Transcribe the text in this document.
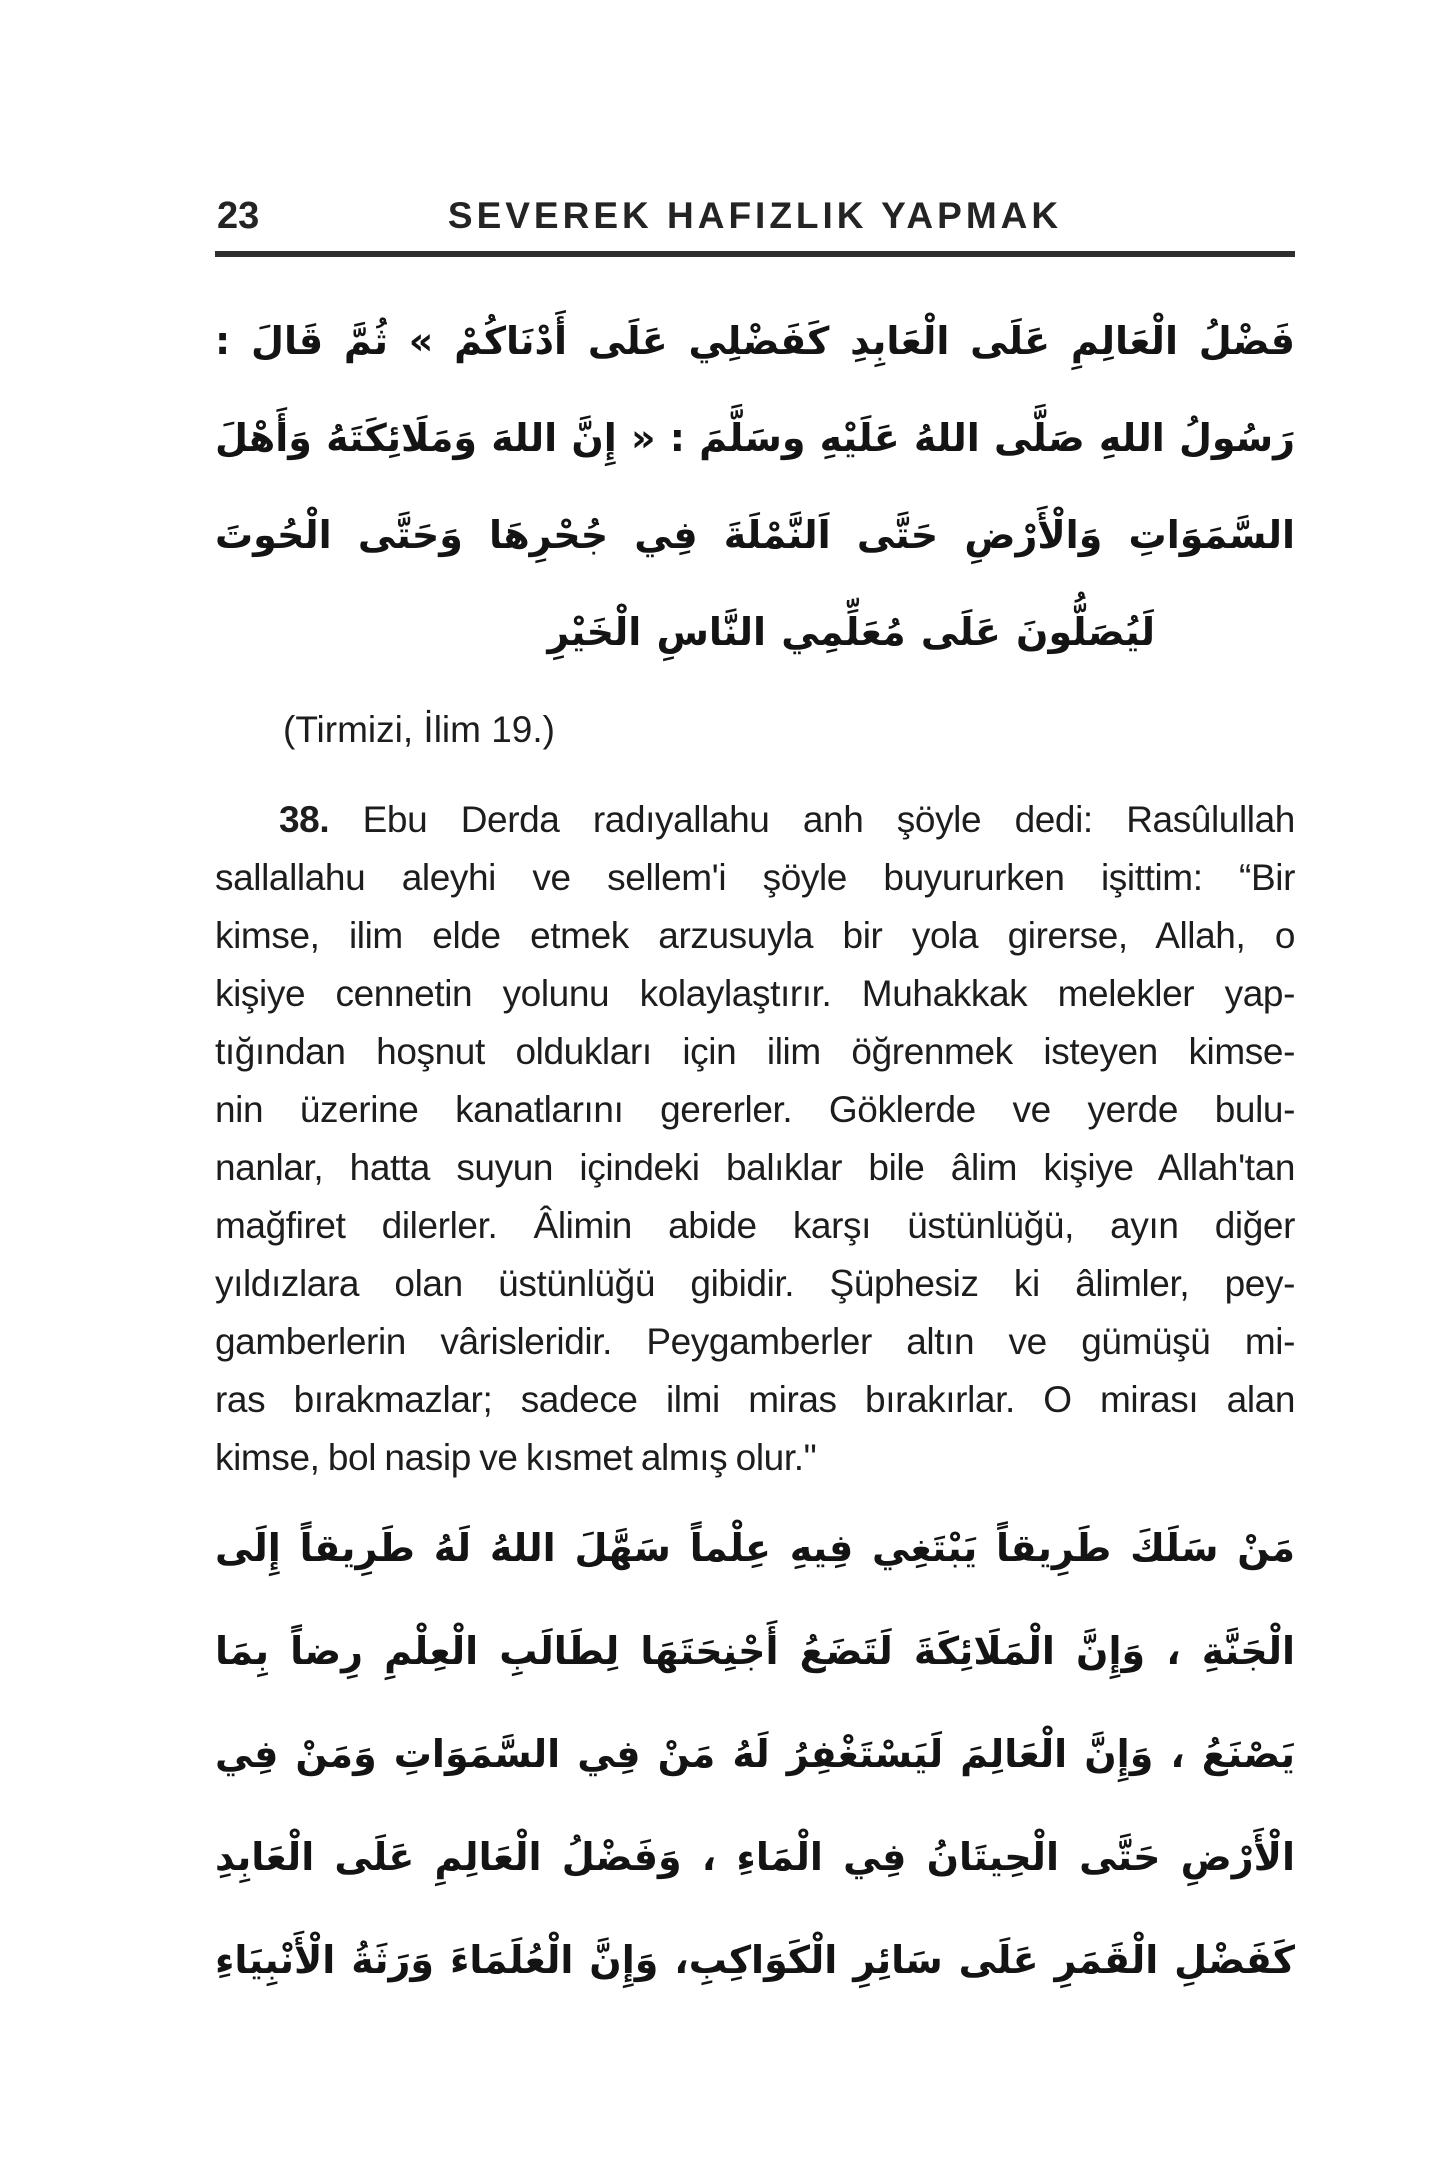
23	SEVEREK HAFIZLIK YAPMAK
فَضْلُ الْعَالِمِ عَلَى الْعَابِدِ كَفَضْلِي عَلَى أَدْنَاكُمْ » ثُمَّ قَالَ :
رَسُولُ اللهِ صَلَّى اللهُ عَلَيْهِ وسَلَّمَ : « إِنَّ اللهَ وَمَلَائِكَتَهُ وَأَهْلَ
السَّمَوَاتِ وَالْأَرْضِ حَتَّى اَلنَّمْلَةَ فِي جُحْرِهَا وَحَتَّى الْحُوتَ
لَيُصَلُّونَ عَلَى مُعَلِّمِي النَّاسِ الْخَيْرِ

(Tirmizi, İlim 19.)

38. Ebu Derda radıyallahu anh şöyle dedi: Rasûlullah
sallallahu aleyhi ve sellem'i şöyle buyururken işittim: “Bir
kimse, ilim elde etmek arzusuyla bir yola girerse, Allah, o
kişiye cennetin yolunu kolaylaştırır. Muhakkak melekler yap-
tığından hoşnut oldukları için ilim öğrenmek isteyen kimse-
nin üzerine kanatlarını gererler. Göklerde ve yerde bulu-
nanlar, hatta suyun içindeki balıklar bile âlim kişiye Allah'tan
mağfiret dilerler. Âlimin abide karşı üstünlüğü, ayın diğer
yıldızlara olan üstünlüğü gibidir. Şüphesiz ki âlimler, pey-
gamberlerin vârisleridir. Peygamberler altın ve gümüşü mi-
ras bırakmazlar; sadece ilmi miras bırakırlar. O mirası alan
kimse, bol nasip ve kısmet almış olur."
مَنْ سَلَكَ طَرِيقاً يَبْتَغِي فِيهِ عِلْماً سَهَّلَ اللهُ لَهُ طَرِيقاً إِلَى
الْجَنَّةِ ، وَإِنَّ الْمَلَائِكَةَ لَتَضَعُ أَجْنِحَتَهَا لِطَالَبِ الْعِلْمِ رِضاً بِمَا
يَصْنَعُ ، وَإِنَّ الْعَالِمَ لَيَسْتَغْفِرُ لَهُ مَنْ فِي السَّمَوَاتِ وَمَنْ فِي
الْأَرْضِ حَتَّى الْحِيتَانُ فِي الْمَاءِ ، وَفَضْلُ الْعَالِمِ عَلَى الْعَابِدِ
كَفَضْلِ الْقَمَرِ عَلَى سَائِرِ الْكَوَاكِبِ، وَإِنَّ الْعُلَمَاءَ وَرَثَةُ الْأَنْبِيَاءِ
